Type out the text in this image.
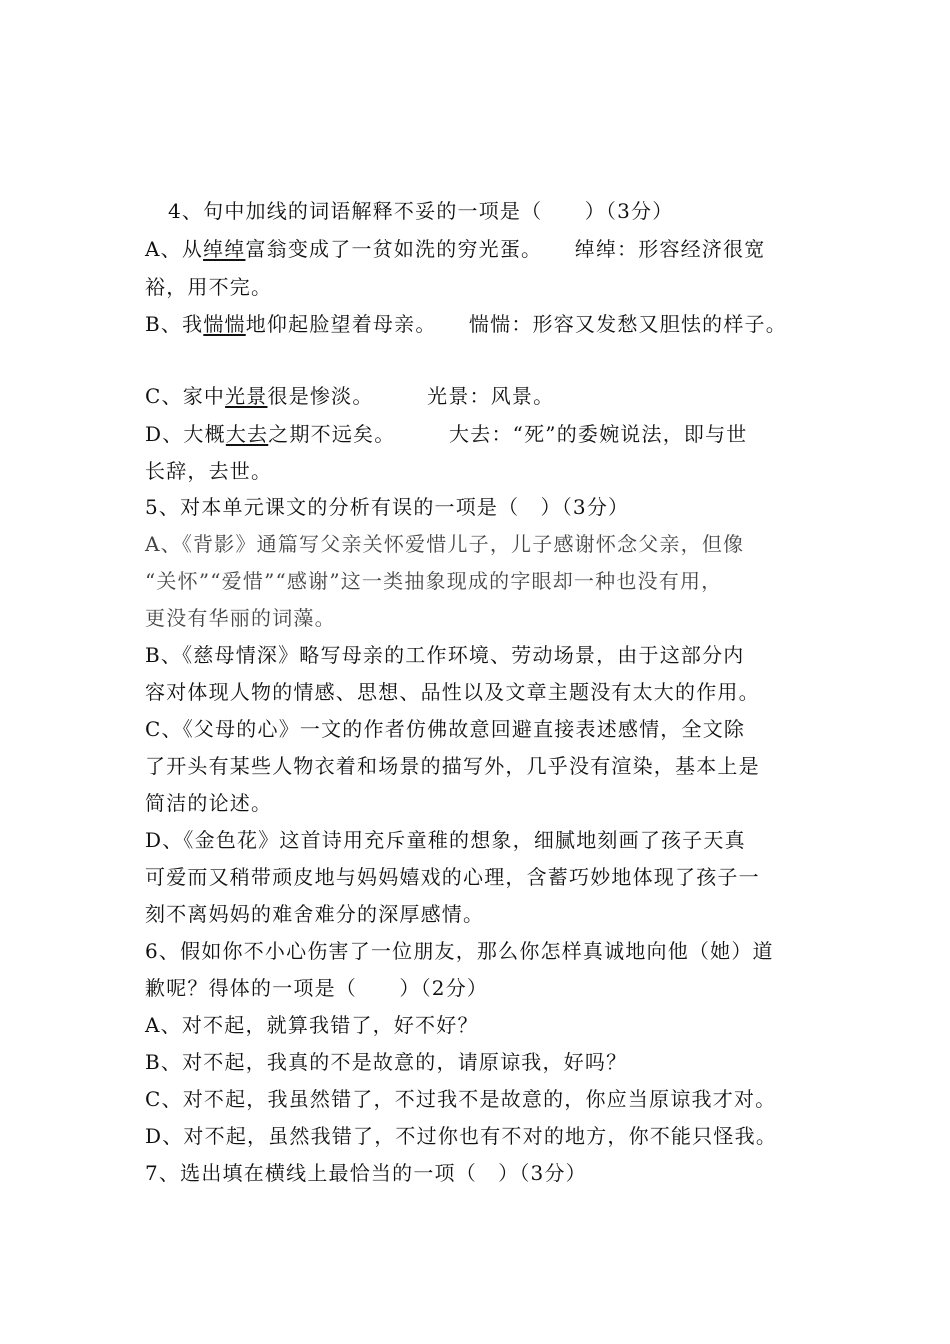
4、句中加线的词语解释不妥的一项是（　　）（3分）
A、从绰绰富翁变成了一贫如洗的穷光蛋。　　绰绰：形容经济很宽
裕，用不完。
B、我惴惴地仰起脸望着母亲。　　惴惴：形容又发愁又胆怯的样子。
C、家中光景很是惨淡。　　　光景：风景。
D、大概大去之期不远矣。　　　大去：“死”的委婉说法，即与世
长辞，去世。
5、对本单元课文的分析有误的一项是（　）（3分）
A、《背影》通篇写父亲关怀爱惜儿子，儿子感谢怀念父亲，但像
“关怀”“爱惜”“感谢”这一类抽象现成的字眼却一种也没有用，
更没有华丽的词藻。
B、《慈母情深》略写母亲的工作环境、劳动场景，由于这部分内
容对体现人物的情感、思想、品性以及文章主题没有太大的作用。
C、《父母的心》一文的作者仿佛故意回避直接表述感情，全文除
了开头有某些人物衣着和场景的描写外，几乎没有渲染，基本上是
简洁的论述。
D、《金色花》这首诗用充斥童稚的想象，细腻地刻画了孩子天真
可爱而又稍带顽皮地与妈妈嬉戏的心理，含蓄巧妙地体现了孩子一
刻不离妈妈的难舍难分的深厚感情。
6、假如你不小心伤害了一位朋友，那么你怎样真诚地向他（她）道
歉呢？得体的一项是（　　）（2分）
A、对不起，就算我错了，好不好？
B、对不起，我真的不是故意的，请原谅我，好吗？
C、对不起，我虽然错了，不过我不是故意的，你应当原谅我才对。
D、对不起，虽然我错了，不过你也有不对的地方，你不能只怪我。
7、选出填在横线上最恰当的一项（　）（3分）
